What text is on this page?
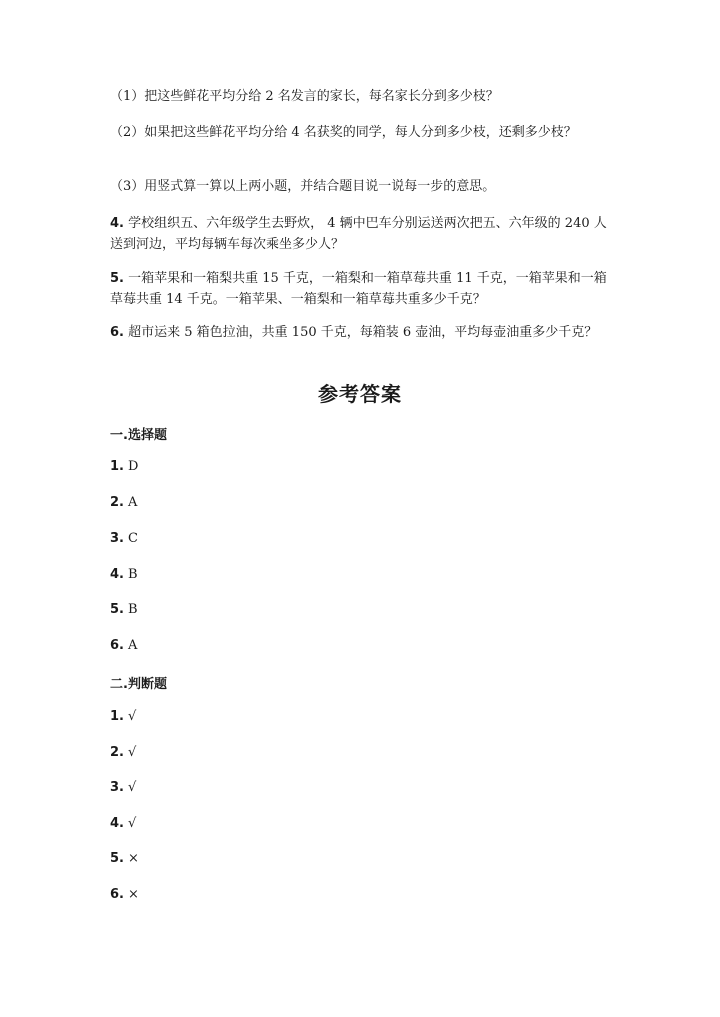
（1）把这些鲜花平均分给 2 名发言的家长，每名家长分到多少枝？
（2）如果把这些鲜花平均分给 4 名获奖的同学，每人分到多少枝，还剩多少枝？
（3）用竖式算一算以上两小题，并结合题目说一说每一步的意思。
4. 学校组织五、六年级学生去野炊， 4 辆中巴车分别运送两次把五、六年级的 240 人送到河边，平均每辆车每次乘坐多少人？
5. 一箱苹果和一箱梨共重 15 千克，一箱梨和一箱草莓共重 11 千克，一箱苹果和一箱草莓共重 14 千克。一箱苹果、一箱梨和一箱草莓共重多少千克？
6. 超市运来 5 箱色拉油，共重 150 千克，每箱装 6 壶油，平均每壶油重多少千克？
参考答案
一.选择题
1. D
2. A
3. C
4. B
5. B
6. A
二.判断题
1. √
2. √
3. √
4. √
5. ×
6. ×
